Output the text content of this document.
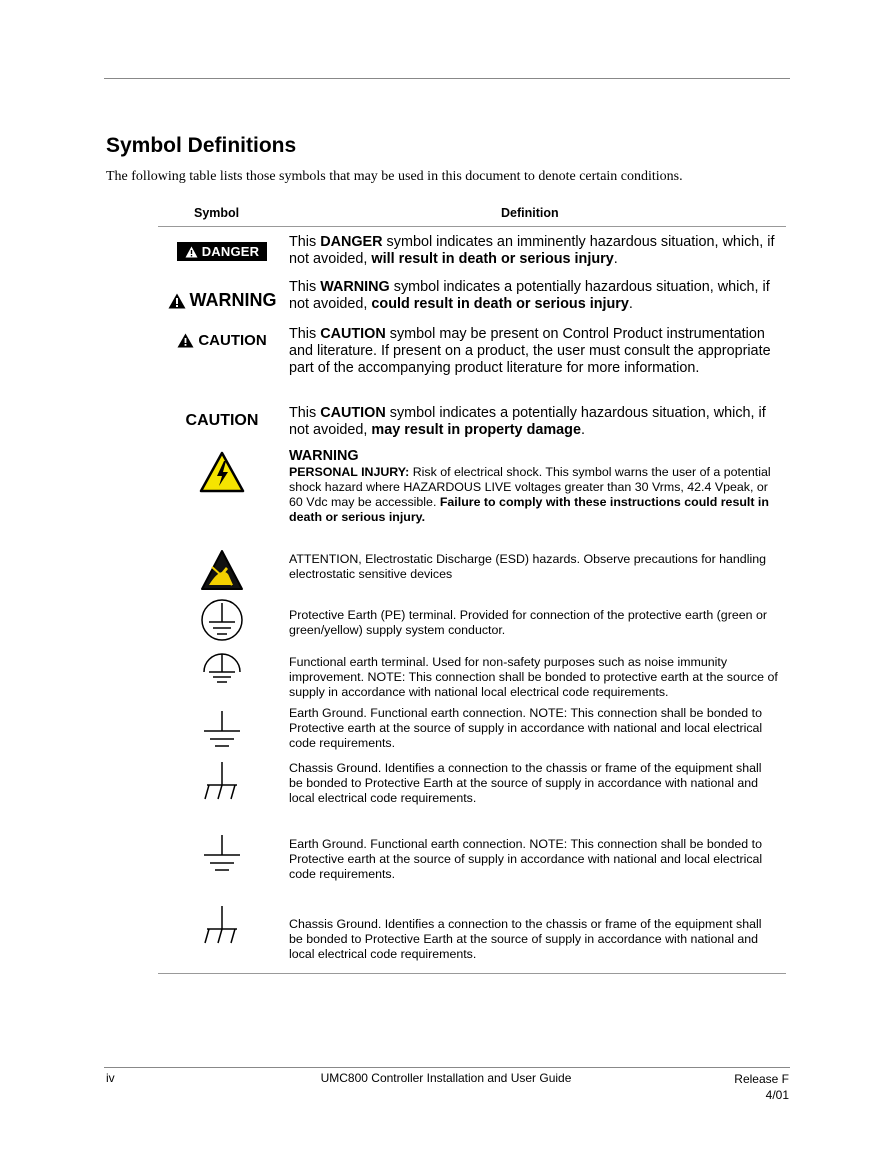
Symbol Definitions

The following table lists those symbols that may be used in this document to denote certain conditions.

Symbol	Definition
DANGER
This DANGER symbol indicates an imminently hazardous situation, which, if not avoided, will result in death or serious injury.
WARNING
This WARNING symbol indicates a potentially hazardous situation, which, if not avoided, could result in death or serious injury.
CAUTION This CAUTION symbol may be present on Control Product instrumentation and literature. If present on a product, the user must consult the appropriate part of the accompanying product literature for more information.
CAUTION This CAUTION symbol indicates a potentially hazardous situation, which, if not avoided, may result in property damage.
WARNING
PERSONAL INJURY: Risk of electrical shock. This symbol warns the user of a potential shock hazard where HAZARDOUS LIVE voltages greater than 30 Vrms, 42.4 Vpeak, or 60 Vdc may be accessible. Failure to comply with these instructions could result in death or serious injury.
ATTENTION, Electrostatic Discharge (ESD) hazards. Observe precautions for handling electrostatic sensitive devices
Protective Earth (PE) terminal. Provided for connection of the protective earth (green or green/yellow) supply system conductor.
Functional earth terminal. Used for non-safety purposes such as noise immunity improvement. NOTE: This connection shall be bonded to protective earth at the source of supply in accordance with national local electrical code requirements.
Earth Ground. Functional earth connection. NOTE: This connection shall be bonded to Protective earth at the source of supply in accordance with national and local electrical code requirements.
Chassis Ground. Identifies a connection to the chassis or frame of the equipment shall be bonded to Protective Earth at the source of supply in accordance with national and local electrical code requirements.
Earth Ground. Functional earth connection. NOTE: This connection shall be bonded to Protective earth at the source of supply in accordance with national and local electrical code requirements.
Chassis Ground. Identifies a connection to the chassis or frame of the equipment shall be bonded to Protective Earth at the source of supply in accordance with national and local electrical code requirements.
UMC800 Controller Installation and User Guide
iv	Release F
4/01
